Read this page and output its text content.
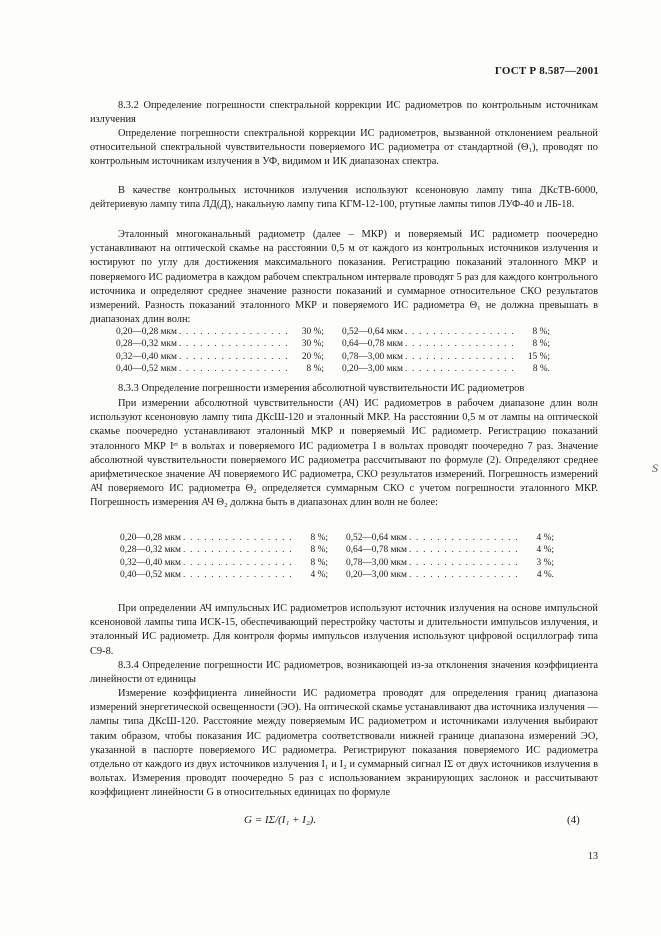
ГОСТ Р 8.587—2001

8.3.2 Определение погрешности спектральной коррекции ИС радиометров по контрольным источникам излучения

Определение погрешности спектральной коррекции ИС радиометров, вызванной отклонением реальной относительной спектральной чувствительности поверяемого ИС радиометра от стандартной (Θ₁), проводят по контрольным источникам излучения в УФ, видимом и ИК диапазонах спектра.

В качестве контрольных источников излучения используют ксеноновую лампу типа ДКсТВ-6000, дейтериевую лампу типа ЛД(Д), накальную лампу типа КГМ-12-100, ртутные лампы типов ЛУФ-40 и ЛБ-18.

Эталонный многоканальный радиометр (далее – МКР) и поверяемый ИС радиометр поочередно устанавливают на оптической скамье на расстоянии 0,5 м от каждого из контрольных источников излучения и юстируют по углу для достижения максимального показания. Регистрацию показаний эталонного МКР и поверяемого ИС радиометра в каждом рабочем спектральном интервале проводят 5 раз для каждого контрольного источника и определяют среднее значение разности показаний и суммарное относительное СКО результатов измерений. Разность показаний эталонного МКР и поверяемого ИС радиометра Θ₁ не должна превышать в диапазонах длин волн:

0,20—0,28 мкм . . . . . . . . . . . . . . . .	30 %; 0,52—0,64 мкм . . . . . . . . . . . . . . . .	8 %;
0,28—0,32 мкм . . . . . . . . . . . . . . . .	30 %; 0,64—0,78 мкм . . . . . . . . . . . . . . . .	8 %;
0,32—0,40 мкм . . . . . . . . . . . . . . . .	20 %; 0,78—3,00 мкм . . . . . . . . . . . . . . . .	15 %;
0,40—0,52 мкм . . . . . . . . . . . . . . . .	8 %; 0,20—3,00 мкм . . . . . . . . . . . . . . . .	8 %.

8.3.3 Определение погрешности измерения абсолютной чувствительности ИС радиометров

При измерении абсолютной чувствительности (АЧ) ИС радиометров в рабочем диапазоне длин волн используют ксеноновую лампу типа ДКсШ-120 и эталонный МКР. На расстоянии 0,5 м от лампы на оптической скамье поочередно устанавливают эталонный МКР и поверяемый ИС радиометр. Регистрацию показаний эталонного МКР Iᵉᵗ в вольтах и поверяемого ИС радиометра I в вольтах проводят поочередно 7 раз. Значение абсолютной чувствительности поверяемого ИС радиометра рассчитывают по формуле (2). Определяют среднее арифметическое значение АЧ поверяемого ИС радиометра, СКО результатов измерений. Погрешность измерений АЧ поверяемого ИС радиометра Θ₂ определяется суммарным СКО с учетом погрешности эталонного МКР. Погрешность измерения АЧ Θ₂ должна быть в диапазонах длин волн не более:

0,20—0,28 мкм . . . . . . . . . . . . . . . .	8 %; 0,52—0,64 мкм . . . . . . . . . . . . . . . .	4 %;
0,28—0,32 мкм . . . . . . . . . . . . . . . .	8 %; 0,64—0,78 мкм . . . . . . . . . . . . . . . .	4 %;
0,32—0,40 мкм . . . . . . . . . . . . . . . .	8 %; 0,78—3,00 мкм . . . . . . . . . . . . . . . .	3 %;
0,40—0,52 мкм . . . . . . . . . . . . . . . .	4 %; 0,20—3,00 мкм . . . . . . . . . . . . . . . .	4 %.

При определении АЧ импульсных ИС радиометров используют источник излучения на основе импульсной ксеноновой лампы типа ИСК-15, обеспечивающий перестройку частоты и длительности импульсов излучения, и эталонный ИС радиометр. Для контроля формы импульсов излучения используют цифровой осциллограф типа С9-8.

8.3.4 Определение погрешности ИС радиометров, возникающей из-за отклонения значения коэффициента линейности от единицы

Измерение коэффициента линейности ИС радиометра проводят для определения границ диапазона измерений энергетической освещенности (ЭО). На оптической скамье устанавливают два источника излучения — лампы типа ДКсШ-120. Расстояние между поверяемым ИС радиометром и источниками излучения выбирают таким образом, чтобы показания ИС радиометра соответствовали нижней границе диапазона измерений ЭО, указанной в паспорте поверяемого ИС радиометра. Регистрируют показания поверяемого ИС радиометра отдельно от каждого из двух источников излучения I₁ и I₂ и суммарный сигнал IΣ от двух источников излучения в вольтах. Измерения проводят поочередно 5 раз с использованием экранирующих заслонок и рассчитывают коэффициент линейности G в относительных единицах по формуле

G = IΣ/(I₁ + I₂).	(4)
13
S
